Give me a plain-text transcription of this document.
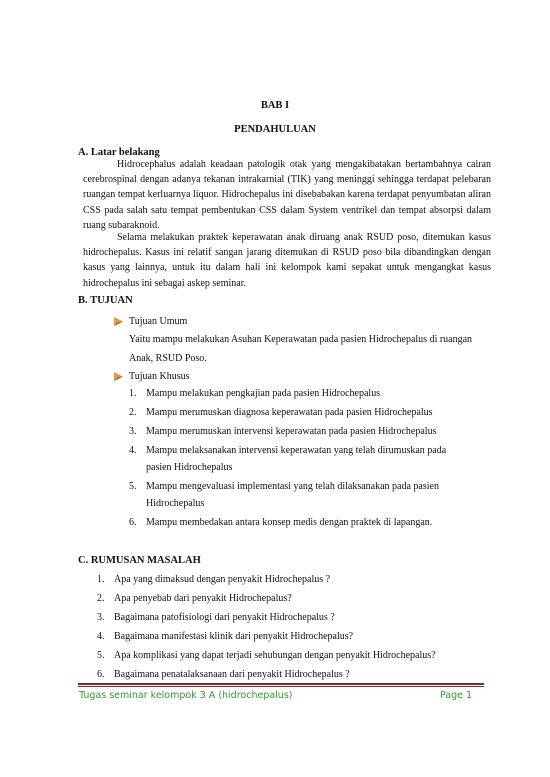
BAB I
PENDAHULUAN
A. Latar belakang
Hidrocephalus adalah keadaan patologik otak yang mengakibatakan bertambahnya cairan cerebrospinal dengan adanya tekanan intrakarnial (TIK) yang meninggi sehingga terdapat pelebaran ruangan tempat kerluarnya liquor. Hidrochepalus ini disebabakan karena terdapat penyumbatan aliran CSS pada salah satu tempat pembentukan CSS dalam System ventrikel dan tempat absorpsi dalam ruang subaraknoid.
Selama melakukan praktek keperawatan anak diruang anak RSUD poso, ditemukan kasus hidrochepalus. Kasus ini relatif sangan jarang ditemukan di RSUD poso bila dibandingkan dengan kasus yang lainnya, untuk itu dalam hali ini kelompok kami sepakat untuk mengangkat kasus hidrochepalus ini sebagai askep seminar.
B. TUJUAN
Tujuan Umum
Yaitu mampu melakukan Asuhan Keperawatan pada pasien Hidrochepalus di ruangan Anak, RSUD Poso.
Tujuan Khusus
1. Mampu melakukan pengkajian pada pasien Hidrochepalus
2. Mampu merumuskan diagnosa keperawatan pada pasien Hidrochepalus
3. Mampu merumuskan intervensi keperawatan pada pasien Hidrochepalus
4. Mampu melaksanakan intervensi keperawatan yang telah dirumuskan pada pasien Hidrochepalus
5. Mampu mengevaluasi implementasi yang telah dilaksanakan pada pasien Hidrochepalus
6. Mampu membedakan antara konsep medis dengan praktek di lapangan.
C. RUMUSAN MASALAH
1. Apa yang dimaksud dengan penyakit Hidrochepalus ?
2. Apa penyebab dari penyakit Hidrochepalus?
3. Bagaimana patofisiologi dari penyakit Hidrochepalus ?
4. Bagaimana manifestasi klinik dari penyakit Hidrochepalus?
5. Apa komplikasi yang dapat terjadi sehubungan dengan penyakit Hidrochepalus?
6. Bagaimana penatalaksanaan dari penyakit Hidrochepalus ?
Tugas seminar kelompok 3 A (hidrochepalus)	Page 1
